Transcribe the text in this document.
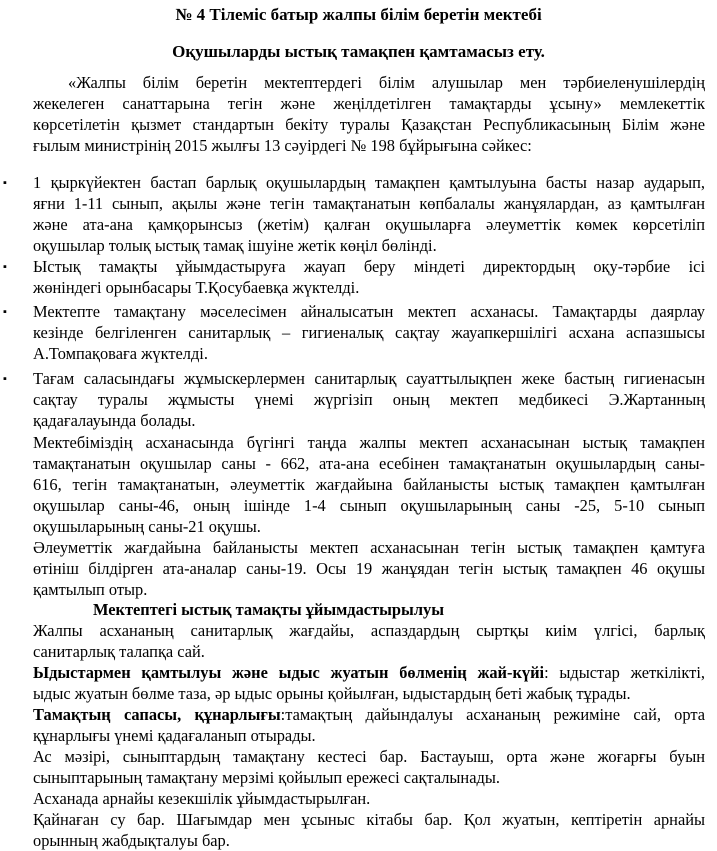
№ 4 Тілеміс батыр жалпы білім беретін мектебі
Оқушыларды ыстық тамақпен қамтамасыз ету.
«Жалпы білім беретін мектептердегі білім алушылар мен тәрбиеленушілердің
жекелеген санаттарына тегін және жеңілдетілген тамақтарды ұсыну» мемлекеттік
көрсетілетін қызмет стандартын бекіту туралы Қазақстан Республикасының Білім және
ғылым министрінің 2015 жылғы 13 сәуірдегі № 198 бұйрығына сәйкес:
▪ 1 қыркүйектен бастап барлық оқушылардың тамақпен қамтылуына басты назар аударып,
яғни 1-11 сынып, ақылы және тегін тамақтанатын көпбалалы жанұялардан, аз қамтылған
және ата-ана қамқорынсыз (жетім) қалған оқушыларға әлеуметтік көмек көрсетіліп
оқушылар толық ыстық тамақ ішуіне жетік көңіл бөлінді.
▪ Ыстық тамақты ұйымдастыруға жауап беру міндеті директордың оқу-тәрбие ісі
жөніндегі орынбасары Т.Қосубаевқа жүктелді.
▪ Мектепте тамақтану мәселесімен айналысатын мектеп асханасы. Тамақтарды даярлау
кезінде белгіленген санитарлық – гигиеналық сақтау жауапкершілігі асхана аспазшысы
А.Томпақоваға жүктелді.
▪ Тағам саласындағы жұмыскерлермен санитарлық сауаттылықпен жеке бастың гигиенасын
сақтау туралы жұмысты үнемі жүргізіп оның мектеп медбикесі Э.Жартанның
қадағалауында болады.
Мектебіміздің асханасында бүгінгі таңда жалпы мектеп асханасынан ыстық тамақпен
тамақтанатын оқушылар саны - 662, ата-ана есебінен тамақтанатын оқушылардың саны-
616, тегін тамақтанатын, әлеуметтік жағдайына байланысты ыстық тамақпен қамтылған
оқушылар саны-46, оның ішінде 1-4 сынып оқушыларының саны -25, 5-10 сынып
оқушыларының саны-21 оқушы.
Әлеуметтік жағдайына байланысты мектеп асханасынан тегін ыстық тамақпен қамтуға
өтініш білдірген ата-аналар саны-19. Осы 19 жанұядан тегін ыстық тамақпен 46 оқушы
қамтылып отыр.
Мектептегі ыстық тамақты ұйымдастырылуы
Жалпы асхананың санитарлық жағдайы, аспаздардың сыртқы киім үлгісі, барлық
санитарлық талапқа сай.
Ыдыстармен қамтылуы және ыдыс жуатын бөлменің жай-күйі: ыдыстар жеткілікті,
ыдыс жуатын бөлме таза, әр ыдыс орыны қойылған, ыдыстардың беті жабық тұрады.
Тамақтың сапасы, құнарлығы:тамақтың дайындалуы асхананың режиміне сай, орта
құнарлығы үнемі қадағаланып отырады.
Ас мәзірі, сыныптардың тамақтану кестесі бар. Бастауыш, орта және жоғарғы буын
сыныптарының тамақтану мерзімі қойылып ережесі сақталынады.
Асханада арнайы кезекшілік ұйымдастырылған.
Қайнаған су бар. Шағымдар мен ұсыныс кітабы бар. Қол жуатын, кептіретін арнайы
орынның жабдықталуы бар.
